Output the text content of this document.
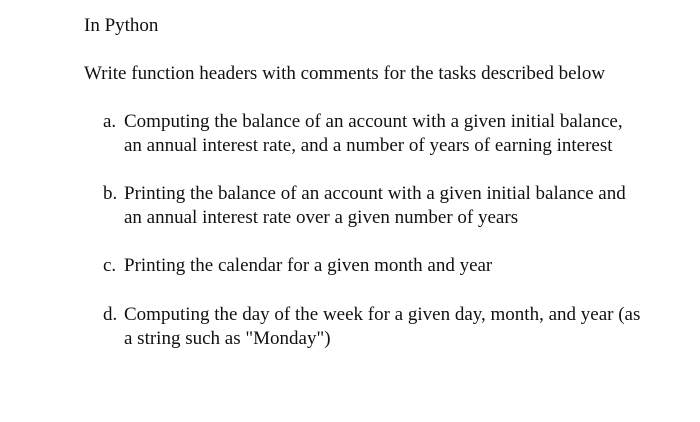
In Python

Write function headers with comments for the tasks described below

a. Computing the balance of an account with a given initial balance, an annual interest rate, and a number of years of earning interest
b. Printing the balance of an account with a given initial balance and an annual interest rate over a given number of years
c. Printing the calendar for a given month and year
d. Computing the day of the week for a given day, month, and year (as a string such as "Monday")
